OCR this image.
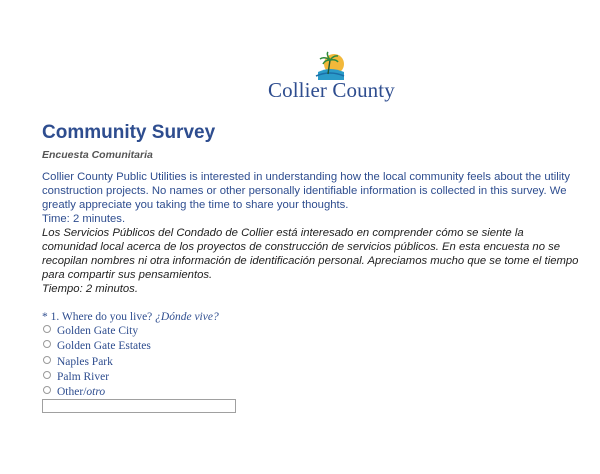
Collier County
Community Survey
Encuesta Comunitaria
Collier County Public Utilities is interested in understanding how the local community feels about the utility construction projects. No names or other personally identifiable information is collected in this survey. We greatly appreciate you taking the time to share your thoughts.
Time: 2 minutes.
Los Servicios Públicos del Condado de Collier está interesado en comprender cómo se siente la comunidad local acerca de los proyectos de construcción de servicios públicos. En esta encuesta no se recopilan nombres ni otra información de identificación personal. Apreciamos mucho que se tome el tiempo para compartir sus pensamientos.
Tiempo: 2 minutos.
* 1. Where do you live? ¿Dónde vive?
Golden Gate City
Golden Gate Estates
Naples Park
Palm River
Other/otro
